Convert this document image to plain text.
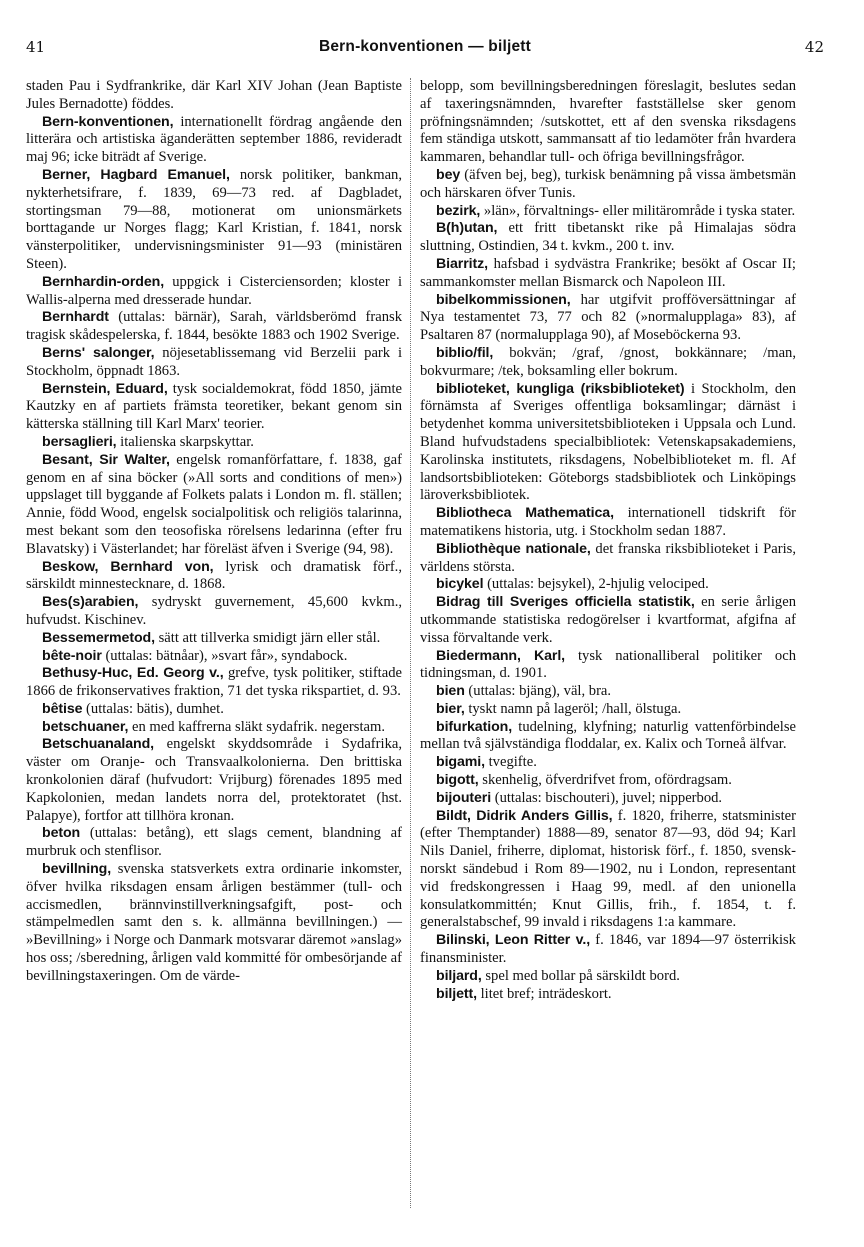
41	Bern-konventionen — biljett	42

staden Pau i Sydfrankrike, där Karl XIV Johan (Jean Baptiste Jules Bernadotte) föddes.

Bern-konventionen, internationellt fördrag angående den litterära och artistiska äganderätten september 1886, revideradt maj 96; icke biträdt af Sverige.

Berner, Hagbard Emanuel, norsk politiker, bankman, nykterhetsifrare, f. 1839, 69—73 red. af Dagbladet, stortingsman 79—88, motionerat om unionsmärkets borttagande ur Norges flagg; Karl Kristian, f. 1841, norsk vänsterpolitiker, undervisningsminister 91—93 (ministären Steen).

Bernhardin-orden, uppgick i Cisterciensorden; kloster i Wallis-alperna med dresserade hundar.

Bernhardt (uttalas: bärnär), Sarah, världsberömd fransk tragisk skådespelerska, f. 1844, besökte 1883 och 1902 Sverige.

Berns' salonger, nöjesetablissemang vid Berzelii park i Stockholm, öppnadt 1863.

Bernstein, Eduard, tysk socialdemokrat, född 1850, jämte Kautzky en af partiets främsta teoretiker, bekant genom sin kätterska ställning till Karl Marx' teorier.

bersaglieri, italienska skarpskyttar.

Besant, Sir Walter, engelsk romanförfattare, f. 1838, gaf genom en af sina böcker (»All sorts and conditions of men») uppslaget till byggande af Folkets palats i London m. fl. ställen; Annie, född Wood, engelsk socialpolitisk och religiös talarinna, mest bekant som den teosofiska rörelsens ledarinna (efter fru Blavatsky) i Västerlandet; har föreläst äfven i Sverige (94, 98).

Beskow, Bernhard von, lyrisk och dramatisk förf., särskildt minnestecknare, d. 1868.

Bes(s)arabien, sydryskt guvernement, 45,600 kvkm., hufvudst. Kischinev.

Bessemermetod, sätt att tillverka smidigt järn eller stål.

bête-noir (uttalas: bätnåar), »svart får», syndabock.

Bethusy-Huc, Ed. Georg v., grefve, tysk politiker, stiftade 1866 de frikonservatives fraktion, 71 det tyska rikspartiet, d. 93.

bêtise (uttalas: bätis), dumhet.

betschuaner, en med kaffrerna släkt sydafrik. negerstam.

Betschuanaland, engelskt skyddsområde i Sydafrika, väster om Oranje- och Transvaalkolonierna. Den brittiska kronkolonien däraf (hufvudort: Vrijburg) förenades 1895 med Kapkolonien, medan landets norra del, protektoratet (hst. Palapye), fortfor att tillhöra kronan.

beton (uttalas: betång), ett slags cement, blandning af murbruk och stenflisor.

bevillning, svenska statsverkets extra ordinarie inkomster, öfver hvilka riksdagen ensam årligen bestämmer (tull- och accismedlen, brännvinstillverkningsafgift, post- och stämpelmedlen samt den s. k. allmänna bevillningen.) — »Bevillning» i Norge och Danmark motsvarar däremot »anslag» hos oss; /sberedning, årligen vald kommitté för ombesörjande af bevillningstaxeringen. Om de värde-

belopp, som bevillningsberedningen föreslagit, beslutes sedan af taxeringsnämnden, hvarefter fastställelse sker genom pröfningsnämnden; /sutskottet, ett af den svenska riksdagens fem ständiga utskott, sammansatt af tio ledamöter från hvardera kammaren, behandlar tull- och öfriga bevillningsfrågor.

bey (äfven bej, beg), turkisk benämning på vissa ämbetsmän och härskaren öfver Tunis.

bezirk, »län», förvaltnings- eller militärområde i tyska stater.

B(h)utan, ett fritt tibetanskt rike på Himalajas södra sluttning, Ostindien, 34 t. kvkm., 200 t. inv.

Biarritz, hafsbad i sydvästra Frankrike; besökt af Oscar II; sammankomster mellan Bismarck och Napoleon III.

bibelkommissionen, har utgifvit profföversättningar af Nya testamentet 73, 77 och 82 (»normalupplaga» 83), af Psaltaren 87 (normalupplaga 90), af Moseböckerna 93.

biblio/fil, bokvän; /graf, /gnost, bokkännare; /man, bokvurmare; /tek, boksamling eller bokrum.

biblioteket, kungliga (riksbiblioteket) i Stockholm, den förnämsta af Sveriges offentliga boksamlingar; därnäst i betydenhet komma universitetsbiblioteken i Uppsala och Lund. Bland hufvudstadens specialbibliotek: Vetenskapsakademiens, Karolinska institutets, riksdagens, Nobelbiblioteket m. fl. Af landsortsbiblioteken: Göteborgs stadsbibliotek och Linköpings läroverksbibliotek.

Bibliotheca Mathematica, internationell tidskrift för matematikens historia, utg. i Stockholm sedan 1887.

Bibliothèque nationale, det franska riksbiblioteket i Paris, världens största.

bicykel (uttalas: bejsykel), 2-hjulig velociped.

Bidrag till Sveriges officiella statistik, en serie årligen utkommande statistiska redogörelser i kvartformat, afgifna af vissa förvaltande verk.

Biedermann, Karl, tysk nationalliberal politiker och tidningsman, d. 1901.

bien (uttalas: bjäng), väl, bra.

bier, tyskt namn på lageröl; /hall, ölstuga.

bifurkation, tudelning, klyfning; naturlig vattenförbindelse mellan två självständiga floddalar, ex. Kalix och Torneå älfvar.

bigami, tvegifte.

bigott, skenhelig, öfverdrifvet from, ofördragsam.

bijouteri (uttalas: bischouteri), juvel; nipperbod.

Bildt, Didrik Anders Gillis, f. 1820, friherre, statsminister (efter Themptander) 1888—89, senator 87—93, död 94; Karl Nils Daniel, friherre, diplomat, historisk förf., f. 1850, svensk-norskt sändebud i Rom 89—1902, nu i London, representant vid fredskongressen i Haag 99, medl. af den unionella konsulatkommittén; Knut Gillis, frih., f. 1854, t. f. generalstabschef, 99 invald i riksdagens 1:a kammare.

Bilinski, Leon Ritter v., f. 1846, var 1894—97 österrikisk finansminister.

biljard, spel med bollar på särskildt bord.

biljett, litet bref; inträdeskort.
